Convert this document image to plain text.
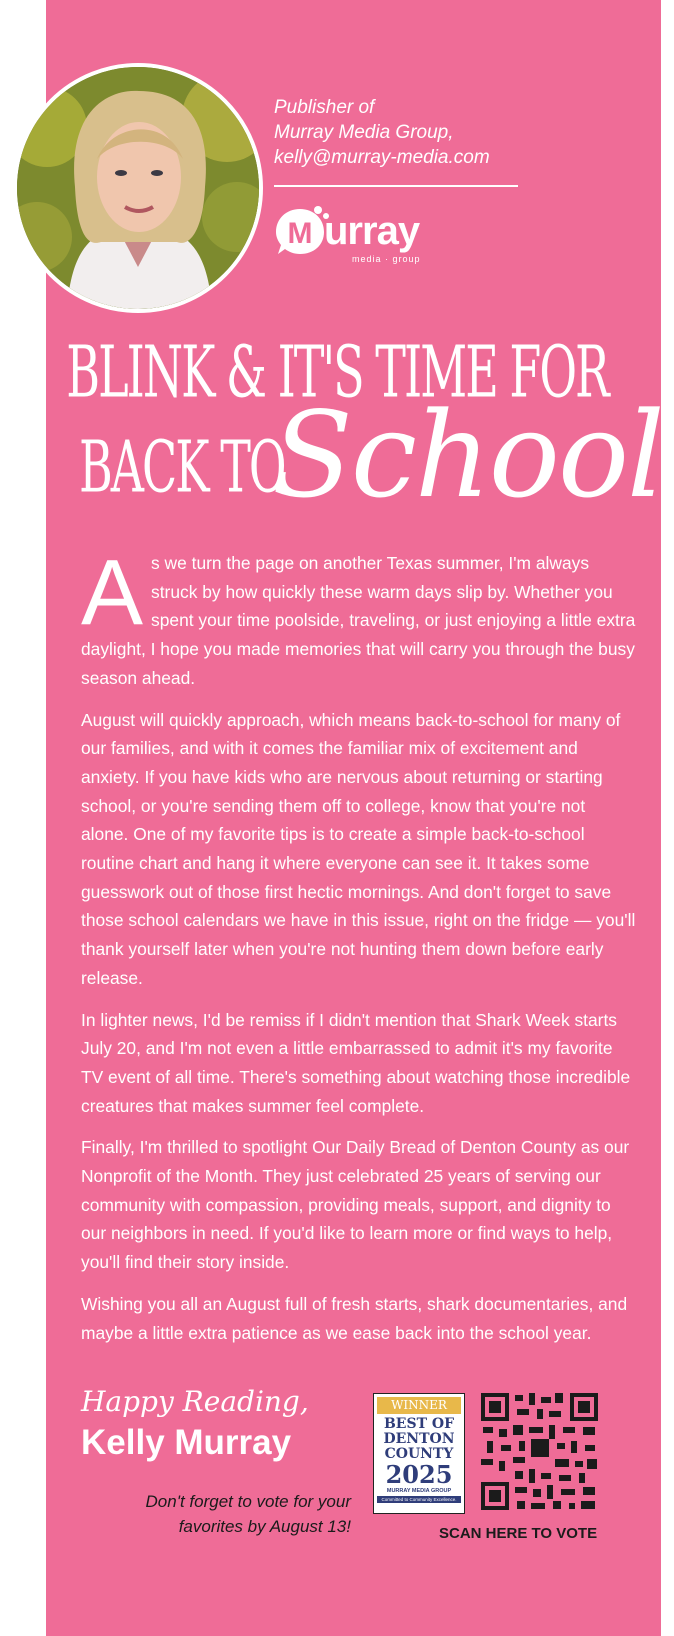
Publisher of
Murray Media Group,
kelly@murray-media.com
M urray
media · group
BLINK & IT'S TIME FOR
BACK TO
School

As we turn the page on another Texas summer, I'm always struck by how quickly these warm days slip by. Whether you spent your time poolside, traveling, or just enjoying a little extra daylight, I hope you made memories that will carry you through the busy season ahead.

August will quickly approach, which means back-to-school for many of our families, and with it comes the familiar mix of excitement and anxiety. If you have kids who are nervous about returning or starting school, or you're sending them off to college, know that you're not alone. One of my favorite tips is to create a simple back-to-school routine chart and hang it where everyone can see it. It takes some guesswork out of those first hectic mornings. And don't forget to save those school calendars we have in this issue, right on the fridge — you'll thank yourself later when you're not hunting them down before early release.

In lighter news, I'd be remiss if I didn't mention that Shark Week starts July 20, and I'm not even a little embarrassed to admit it's my favorite TV event of all time. There's something about watching those incredible creatures that makes summer feel complete.

Finally, I'm thrilled to spotlight Our Daily Bread of Denton County as our Nonprofit of the Month. They just celebrated 25 years of serving our community with compassion, providing meals, support, and dignity to our neighbors in need. If you'd like to learn more or find ways to help, you'll find their story inside.

Wishing you all an August full of fresh starts, shark documentaries, and maybe a little extra patience as we ease back into the school year.

Happy Reading,
Kelly Murray
Don't forget to vote for your
favorites by August 13!
WINNER
BEST OF
DENTON
COUNTY
2025
MURRAY MEDIA GROUP
Committed to Community Excellence.
SCAN HERE TO VOTE
